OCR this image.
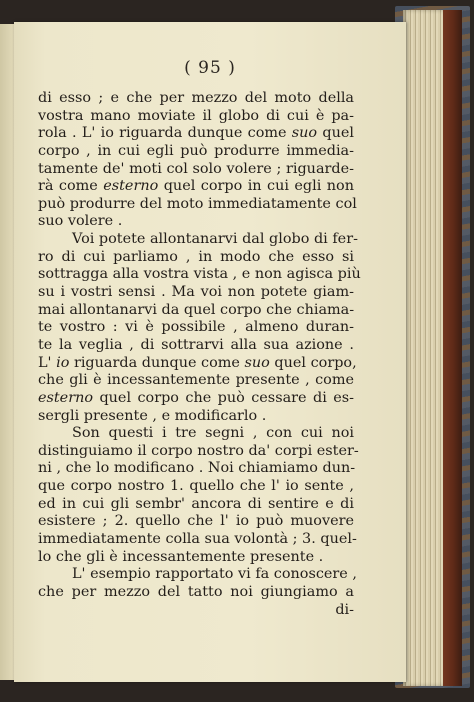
( 95 )
di esso ; e che per mezzo del moto della
vostra mano moviate il globo di cui è pa-
rola . L' io riguarda dunque come suo quel
corpo , in cui egli può produrre immedia-
tamente de' moti col solo volere ; riguarde-
rà come esterno quel corpo in cui egli non
può produrre del moto immediatamente col
suo volere .
Voi potete allontanarvi dal globo di fer-
ro di cui parliamo , in modo che esso si
sottragga alla vostra vista , e non agisca più
su i vostri sensi . Ma voi non potete giam-
mai allontanarvi da quel corpo che chiama-
te vostro : vi è possibile , almeno duran-
te la veglia , di sottrarvi alla sua azione .
L' io riguarda dunque come suo quel corpo,
che gli è incessantemente presente , come
esterno quel corpo che può cessare di es-
sergli presente , e modificarlo .
Son questi i tre segni , con cui noi
distinguiamo il corpo nostro da' corpi ester-
ni , che lo modificano . Noi chiamiamo dun-
que corpo nostro 1. quello che l' io sente ,
ed in cui gli sembr' ancora di sentire e di
esistere ; 2. quello che l' io può muovere
immediatamente colla sua volontà ; 3. quel-
lo che gli è incessantemente presente .
L' esempio rapportato vi fa conoscere ,
che per mezzo del tatto noi giungiamo a
di-
